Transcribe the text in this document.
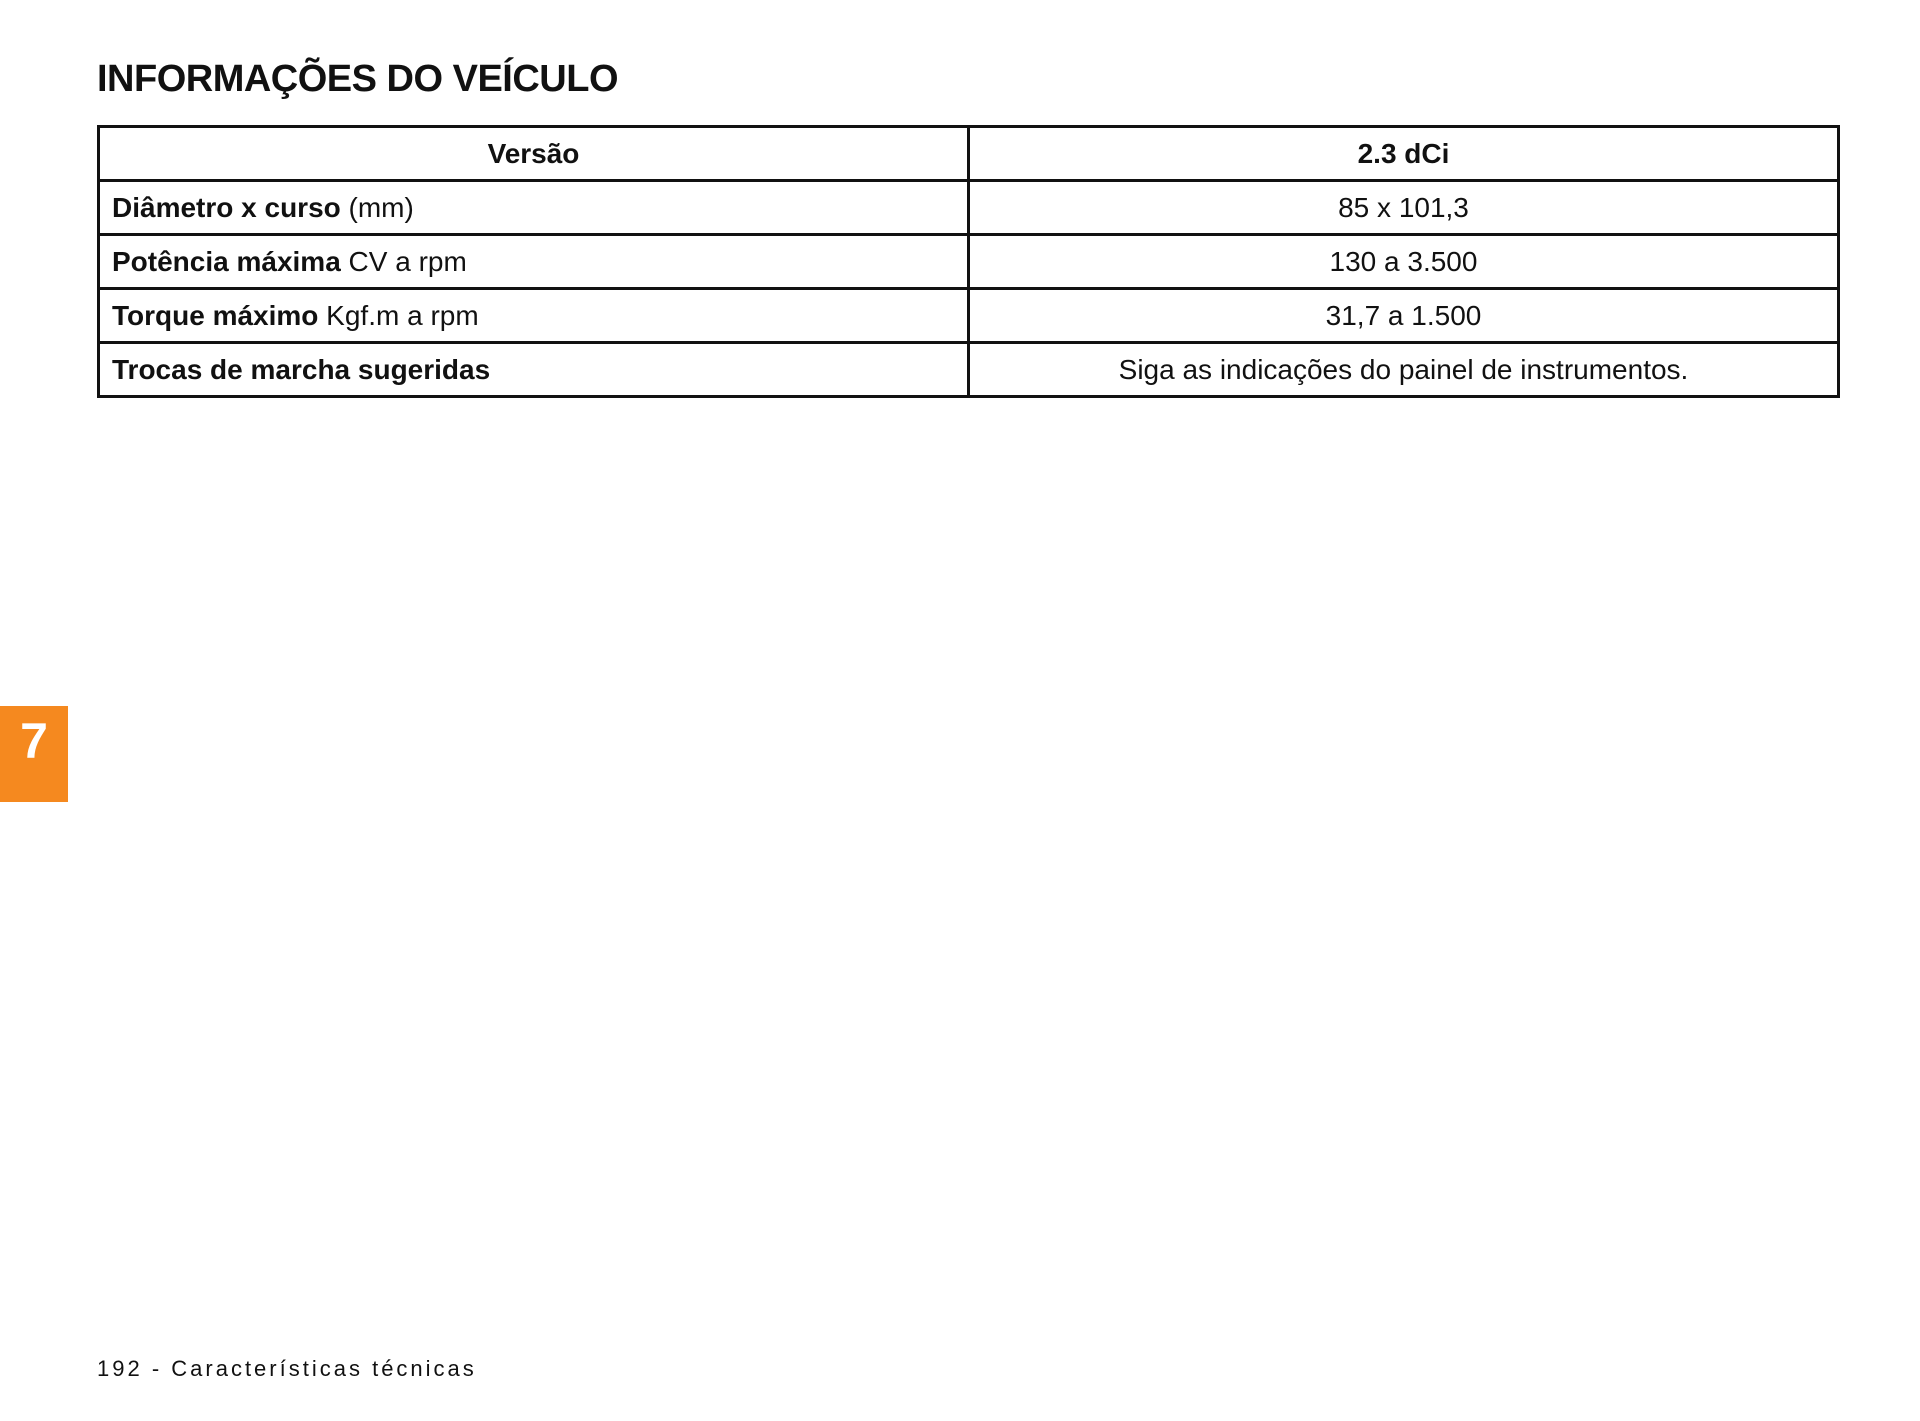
INFORMAÇÕES DO VEÍCULO
Versão	2.3 dCi
Diâmetro x curso (mm)	85 x 101,3
Potência máxima CV a rpm	130 a 3.500
Torque máximo Kgf.m a rpm	31,7 a 1.500
Trocas de marcha sugeridas	Siga as indicações do painel de instrumentos.
7
192 - Características técnicas
